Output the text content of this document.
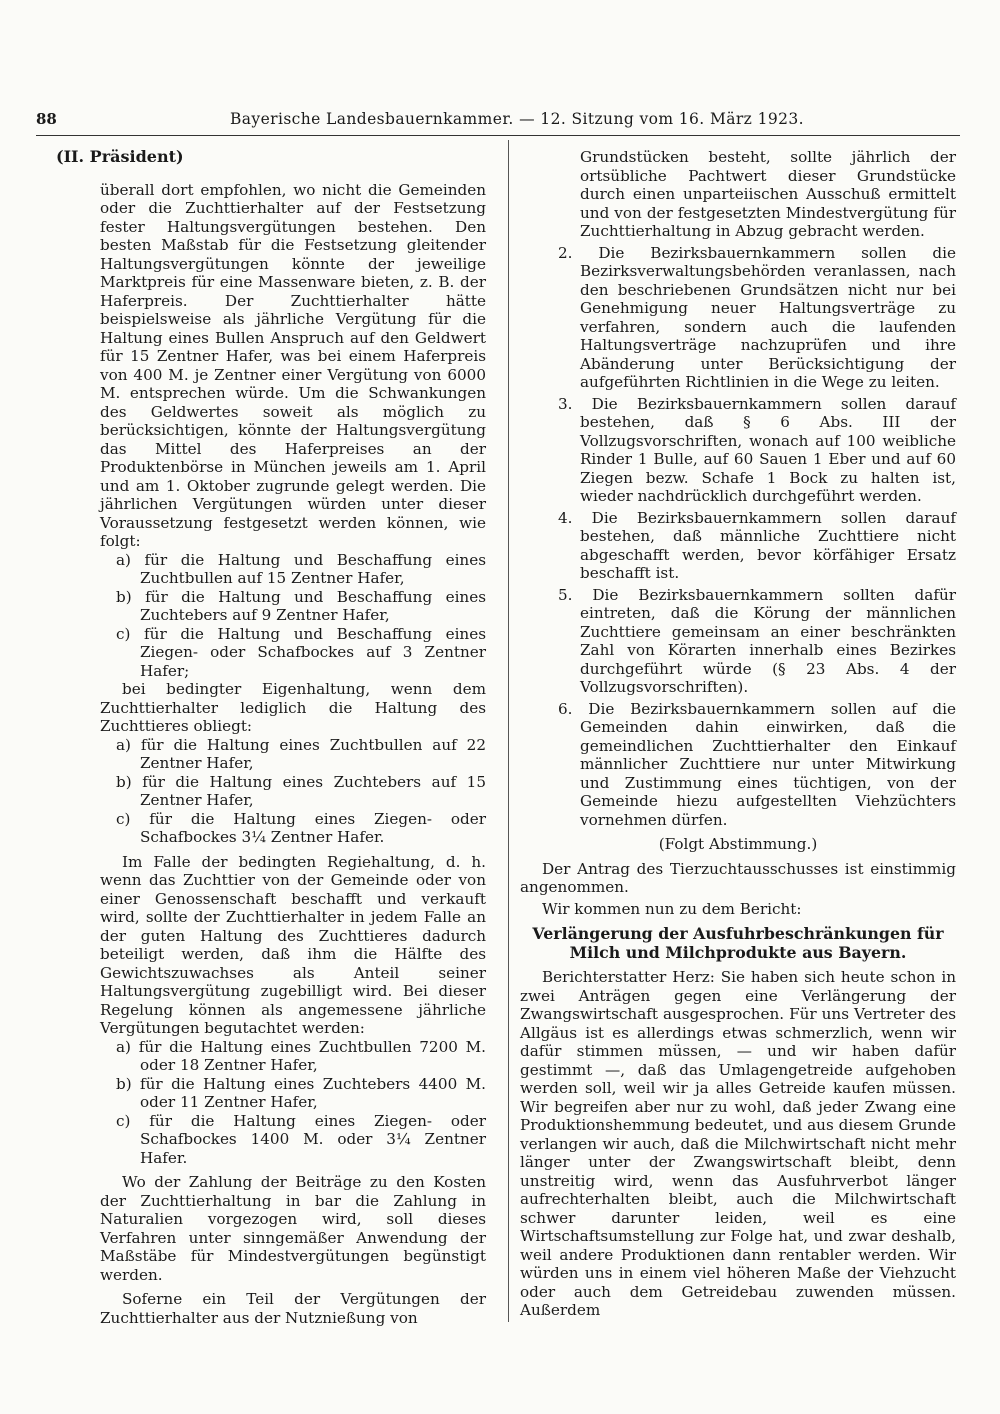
88	Bayerische Landesbauernkammer. — 12. Sitzung vom 16. März 1923.
(II. Präsident)

überall dort empfohlen, wo nicht die Gemeinden oder die Zuchttierhalter auf der Festsetzung fester Haltungsvergütungen bestehen. Den besten Maßstab für die Festsetzung gleitender Haltungsvergütungen könnte der jeweilige Marktpreis für eine Massenware bieten, z. B. der Haferpreis. Der Zuchttierhalter hätte beispielsweise als jährliche Vergütung für die Haltung eines Bullen Anspruch auf den Geldwert für 15 Zentner Hafer, was bei einem Haferpreis von 400 M. je Zentner einer Vergütung von 6000 M. entsprechen würde. Um die Schwankungen des Geldwertes soweit als möglich zu berücksichtigen, könnte der Haltungsvergütung das Mittel des Haferpreises an der Produktenbörse in München jeweils am 1. April und am 1. Oktober zugrunde gelegt werden. Die jährlichen Vergütungen würden unter dieser Voraussetzung festgesetzt werden können, wie folgt:

a) für die Haltung und Beschaffung eines Zuchtbullen auf 15 Zentner Hafer,

b) für die Haltung und Beschaffung eines Zuchtebers auf 9 Zentner Hafer,

c) für die Haltung und Beschaffung eines Ziegen- oder Schafbockes auf 3 Zentner Hafer;

bei bedingter Eigenhaltung, wenn dem Zuchttierhalter lediglich die Haltung des Zuchttieres obliegt:

a) für die Haltung eines Zuchtbullen auf 22 Zentner Hafer,

b) für die Haltung eines Zuchtebers auf 15 Zentner Hafer,

c) für die Haltung eines Ziegen- oder Schafbockes 3¼ Zentner Hafer.

Im Falle der bedingten Regiehaltung, d. h. wenn das Zuchttier von der Gemeinde oder von einer Genossenschaft beschafft und verkauft wird, sollte der Zuchttierhalter in jedem Falle an der guten Haltung des Zuchttieres dadurch beteiligt werden, daß ihm die Hälfte des Gewichtszuwachses als Anteil seiner Haltungsvergütung zugebilligt wird. Bei dieser Regelung können als angemessene jährliche Vergütungen begutachtet werden:

a) für die Haltung eines Zuchtbullen 7200 M. oder 18 Zentner Hafer,

b) für die Haltung eines Zuchtebers 4400 M. oder 11 Zentner Hafer,

c) für die Haltung eines Ziegen- oder Schafbockes 1400 M. oder 3¼ Zentner Hafer.

Wo der Zahlung der Beiträge zu den Kosten der Zuchttierhaltung in bar die Zahlung in Naturalien vorgezogen wird, soll dieses Verfahren unter sinngemäßer Anwendung der Maßstäbe für Mindestvergütungen begünstigt werden.

Soferne ein Teil der Vergütungen der Zuchttierhalter aus der Nutznießung von

Grundstücken besteht, sollte jährlich der ortsübliche Pachtwert dieser Grundstücke durch einen unparteiischen Ausschuß ermittelt und von der festgesetzten Mindestvergütung für Zuchttierhaltung in Abzug gebracht werden.

2. Die Bezirksbauernkammern sollen die Bezirksverwaltungsbehörden veranlassen, nach den beschriebenen Grundsätzen nicht nur bei Genehmigung neuer Haltungsverträge zu verfahren, sondern auch die laufenden Haltungsverträge nachzuprüfen und ihre Abänderung unter Berücksichtigung der aufgeführten Richtlinien in die Wege zu leiten.

3. Die Bezirksbauernkammern sollen darauf bestehen, daß § 6 Abs. III der Vollzugsvorschriften, wonach auf 100 weibliche Rinder 1 Bulle, auf 60 Sauen 1 Eber und auf 60 Ziegen bezw. Schafe 1 Bock zu halten ist, wieder nachdrücklich durchgeführt werden.

4. Die Bezirksbauernkammern sollen darauf bestehen, daß männliche Zuchttiere nicht abgeschafft werden, bevor körfähiger Ersatz beschafft ist.

5. Die Bezirksbauernkammern sollten dafür eintreten, daß die Körung der männlichen Zuchttiere gemeinsam an einer beschränkten Zahl von Körarten innerhalb eines Bezirkes durchgeführt würde (§ 23 Abs. 4 der Vollzugsvorschriften).

6. Die Bezirksbauernkammern sollen auf die Gemeinden dahin einwirken, daß die gemeindlichen Zuchttierhalter den Einkauf männlicher Zuchttiere nur unter Mitwirkung und Zustimmung eines tüchtigen, von der Gemeinde hiezu aufgestellten Viehzüchters vornehmen dürfen.

(Folgt Abstimmung.)

Der Antrag des Tierzuchtausschusses ist einstimmig angenommen.

Wir kommen nun zu dem Bericht:

Verlängerung der Ausfuhrbeschränkungen für Milch und Milchprodukte aus Bayern.

Berichterstatter Herz: Sie haben sich heute schon in zwei Anträgen gegen eine Verlängerung der Zwangswirtschaft ausgesprochen. Für uns Vertreter des Allgäus ist es allerdings etwas schmerzlich, wenn wir dafür stimmen müssen, — und wir haben dafür gestimmt —, daß das Umlagengetreide aufgehoben werden soll, weil wir ja alles Getreide kaufen müssen. Wir begreifen aber nur zu wohl, daß jeder Zwang eine Produktionshemmung bedeutet, und aus diesem Grunde verlangen wir auch, daß die Milchwirtschaft nicht mehr länger unter der Zwangswirtschaft bleibt, denn unstreitig wird, wenn das Ausfuhrverbot länger aufrechterhalten bleibt, auch die Milchwirtschaft schwer darunter leiden, weil es eine Wirtschaftsumstellung zur Folge hat, und zwar deshalb, weil andere Produktionen dann rentabler werden. Wir würden uns in einem viel höheren Maße der Viehzucht oder auch dem Getreidebau zuwenden müssen. Außerdem
